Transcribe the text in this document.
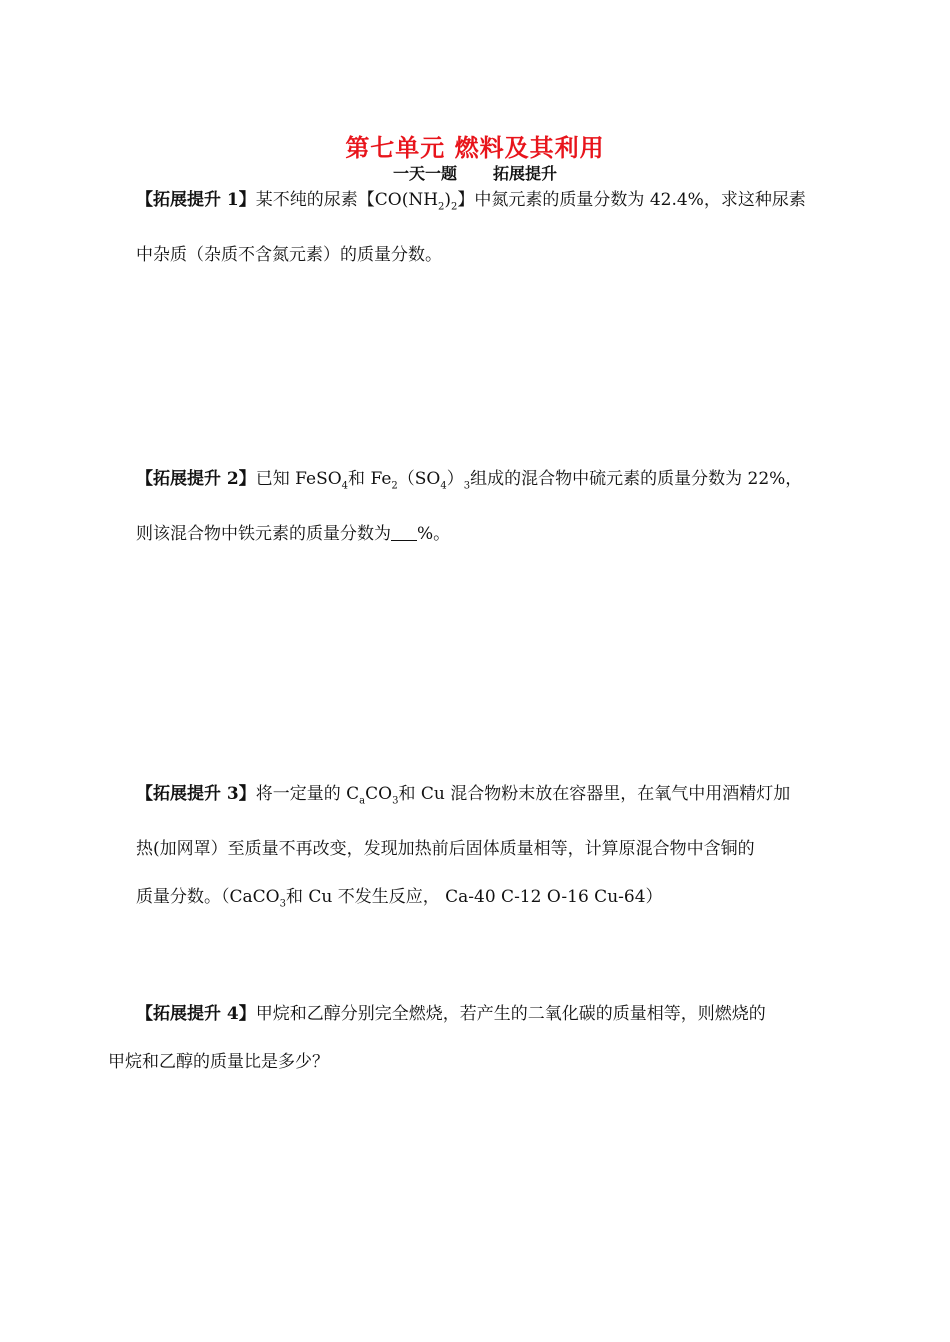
第七单元 燃料及其利用
一天一题 拓展提升
【拓展提升 1】某不纯的尿素【$CO(NH_2)_2$】中氮元素的质量分数为 42.4%，求这种尿素
中杂质（杂质不含氮元素）的质量分数。
【拓展提升 2】已知 FeSO$_4$和 $Fe_2(SO_4)_3$组成的混合物中硫元素的质量分数为 22%，
则该混合物中铁元素的质量分数为 %。
【拓展提升 3】将一定量的 $C_aCO_3$和 Cu 混合物粉末放在容器里，在氧气中用酒精灯加
热(加网罩）至质量不再改变，发现加热前后固体质量相等，计算原混合物中含铜的
质量分数。（CaCO$_3$和 Cu 不发生反应， Ca-40 C-12 O-16 Cu-64）
【拓展提升 4】甲烷和乙醇分别完全燃烧，若产生的二氧化碳的质量相等，则燃烧的
甲烷和乙醇的质量比是多少？
